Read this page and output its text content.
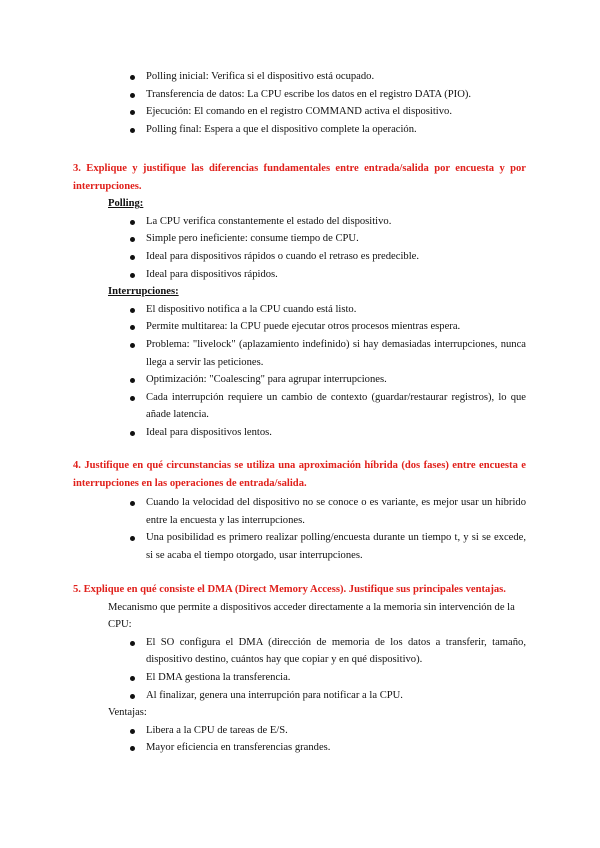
Polling inicial: Verifica si el dispositivo está ocupado.
Transferencia de datos: La CPU escribe los datos en el registro DATA (PIO).
Ejecución: El comando en el registro COMMAND activa el dispositivo.
Polling final: Espera a que el dispositivo complete la operación.

3. Explique y justifique las diferencias fundamentales entre entrada/salida por encuesta y por interrupciones.

Polling:

La CPU verifica constantemente el estado del dispositivo.
Simple pero ineficiente: consume tiempo de CPU.
Ideal para dispositivos rápidos o cuando el retraso es predecible.
Ideal para dispositivos rápidos.

Interrupciones:

El dispositivo notifica a la CPU cuando está listo.
Permite multitarea: la CPU puede ejecutar otros procesos mientras espera.
Problema: "livelock" (aplazamiento indefinido) si hay demasiadas interrupciones, nunca llega a servir las peticiones.
Optimización: "Coalescing" para agrupar interrupciones.
Cada interrupción requiere un cambio de contexto (guardar/restaurar registros), lo que añade latencia.
Ideal para dispositivos lentos.

4. Justifique en qué circunstancias se utiliza una aproximación híbrida (dos fases) entre encuesta e interrupciones en las operaciones de entrada/salida.

Cuando la velocidad del dispositivo no se conoce o es variante, es mejor usar un híbrido entre la encuesta y las interrupciones.
Una posibilidad es primero realizar polling/encuesta durante un tiempo t, y si se excede, si se acaba el tiempo otorgado, usar interrupciones.

5. Explique en qué consiste el DMA (Direct Memory Access). Justifique sus principales ventajas.

Mecanismo que permite a dispositivos acceder directamente a la memoria sin intervención de la CPU:

El SO configura el DMA (dirección de memoria de los datos a transferir, tamaño, dispositivo destino, cuántos hay que copiar y en qué dispositivo).
El DMA gestiona la transferencia.
Al finalizar, genera una interrupción para notificar a la CPU.

Ventajas:

Libera a la CPU de tareas de E/S.
Mayor eficiencia en transferencias grandes.
